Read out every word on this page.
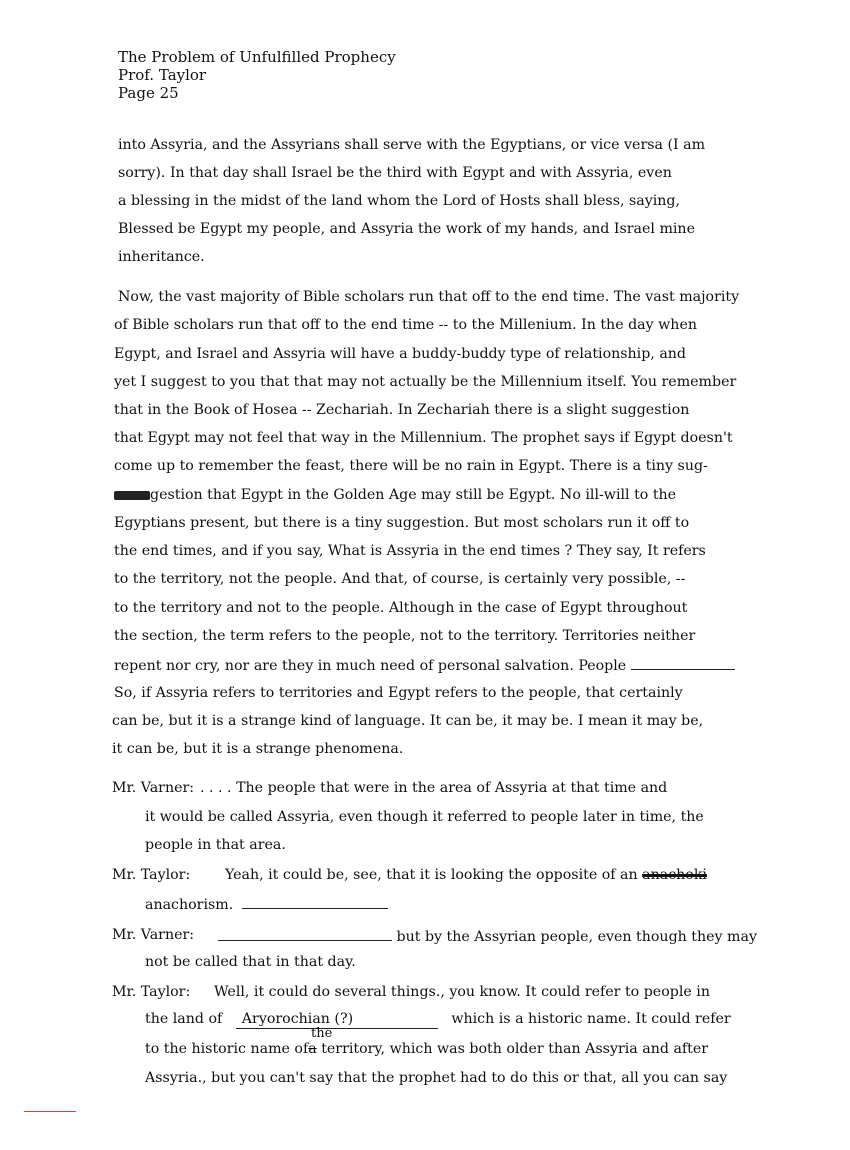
The Problem of Unfulfilled Prophecy
Prof. Taylor
Page 25
into Assyria, and the Assyrians shall serve with the Egyptians, or vice versa (I am
sorry). In that day shall Israel be the third with Egypt and with Assyria, even
a blessing in the midst of the land whom the Lord of Hosts shall bless, saying,
Blessed be Egypt my people, and Assyria the work of my hands, and Israel mine
inheritance.
Now, the vast majority of Bible scholars run that off to the end time. The vast majority
of Bible scholars run that off to the end time -- to the Millenium. In the day when
Egypt, and Israel and Assyria will have a buddy-buddy type of relationship, and
yet I suggest to you that that may not actually be the Millennium itself. You remember
that in the Book of Hosea -- Zechariah. In Zechariah there is a slight suggestion
that Egypt may not feel that way in the Millennium. The prophet says if Egypt doesn't
come up to remember the feast, there will be no rain in Egypt. There is a tiny sug-
gestion that Egypt in the Golden Age may still be Egypt. No ill-will to the
Egyptians present, but there is a tiny suggestion. But most scholars run it off to
the end times, and if you say, What is Assyria in the end times ? They say, It refers
to the territory, not the people. And that, of course, is certainly very possible, --
to the territory and not to the people. Although in the case of Egypt throughout
the section, the term refers to the people, not to the territory. Territories neither
repent nor cry, nor are they in much need of personal salvation. People
So, if Assyria refers to territories and Egypt refers to the people, that certainly
can be, but it is a strange kind of language. It can be, it may be. I mean it may be,
it can be, but it is a strange phenomena.
Mr. Varner: . . . . The people that were in the area of Assyria at that time and
it would be called Assyria, even though it referred to people later in time, the
people in that area.
Mr. Taylor: Yeah, it could be, see, that it is looking the opposite of an anachoki
anachorism.
Mr. Varner:	but by the Assyrian people, even though they may
not be called that in that day.
Mr. Taylor: Well, it could do several things., you know. It could refer to people in
the land of Aryorochian (?)	which is a historic name. It could refer
the
to the historic name ofa territory, which was both older than Assyria and after
Assyria., but you can't say that the prophet had to do this or that, all you can say
